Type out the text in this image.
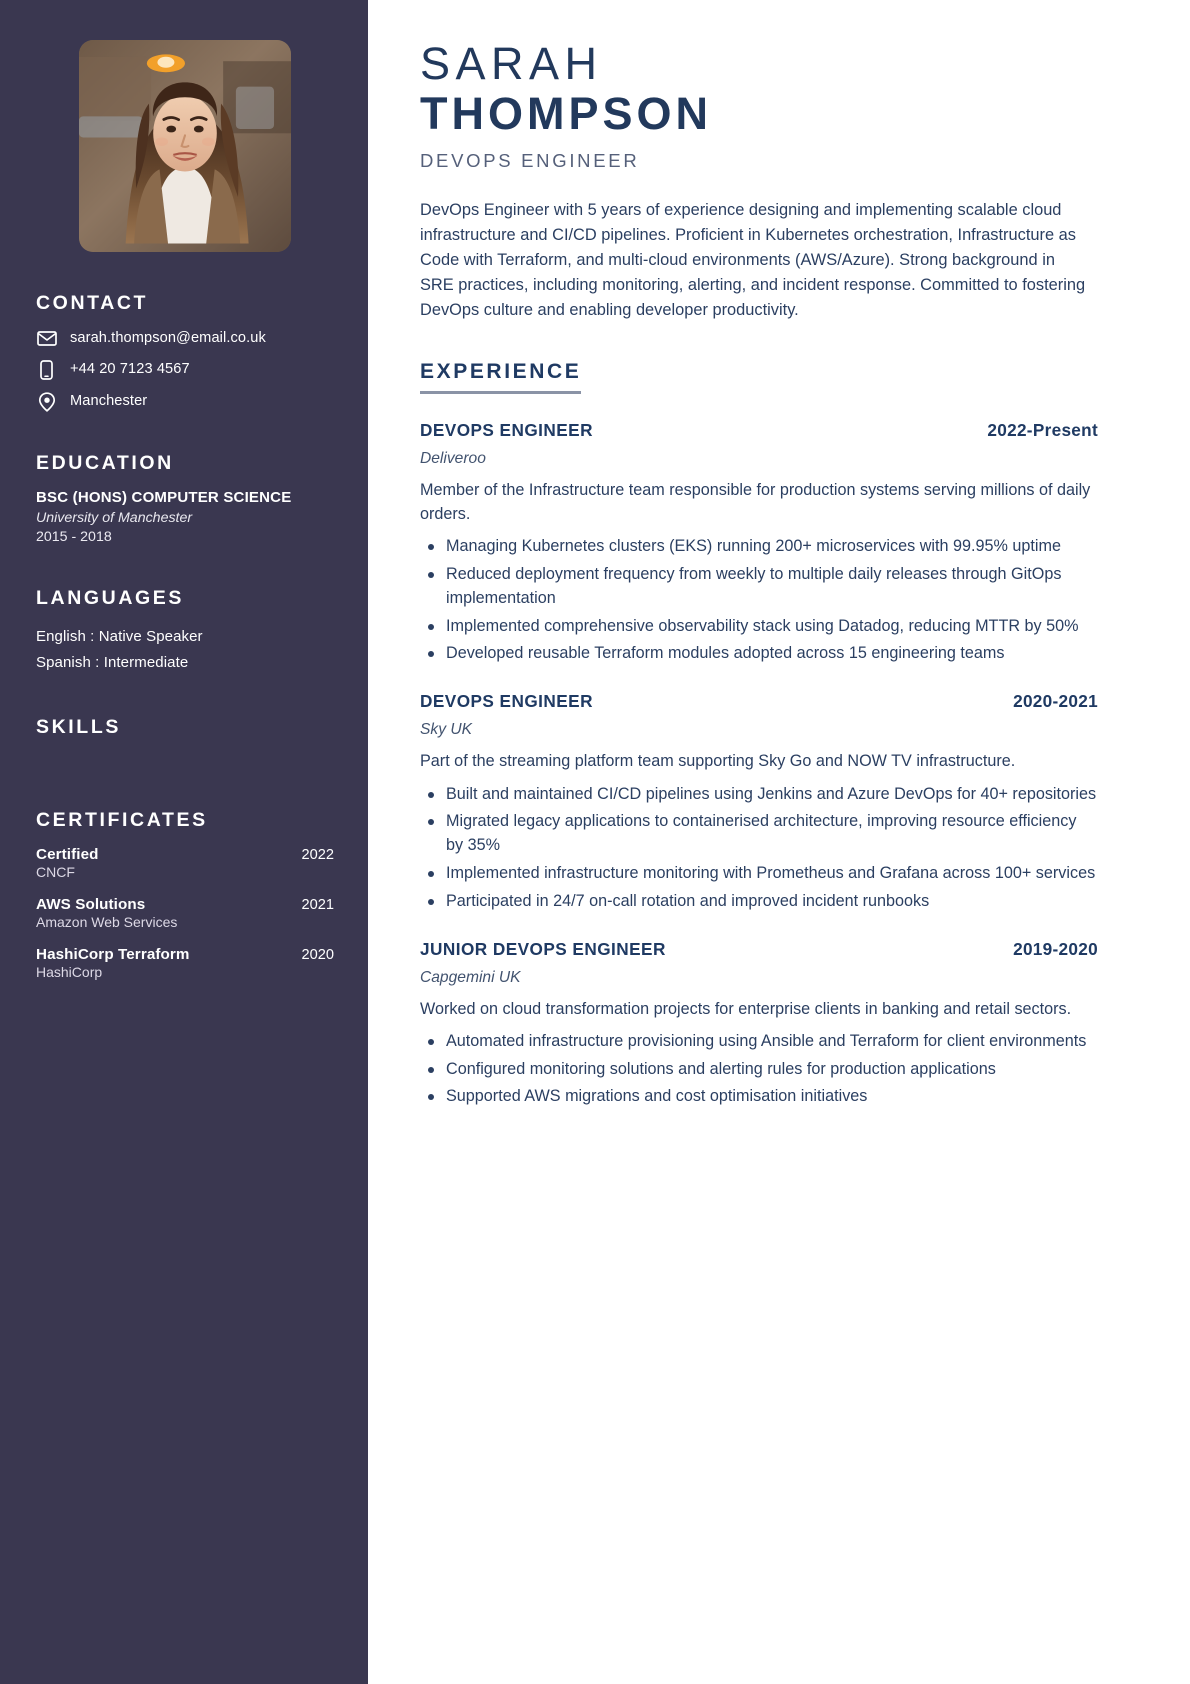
CONTACT
sarah.thompson@email.co.uk
+44 20 7123 4567
Manchester
EDUCATION
BSC (HONS) COMPUTER SCIENCE
University of Manchester
2015 - 2018
LANGUAGES
English : Native Speaker
Spanish : Intermediate
SKILLS
CERTIFICATES
Certified	2022
CNCF
AWS Solutions	2021
Amazon Web Services
HashiCorp Terraform	2020
HashiCorp
SARAH
THOMPSON
DEVOPS ENGINEER

DevOps Engineer with 5 years of experience designing and implementing scalable cloud infrastructure and CI/CD pipelines. Proficient in Kubernetes orchestration, Infrastructure as Code with Terraform, and multi-cloud environments (AWS/Azure). Strong background in SRE practices, including monitoring, alerting, and incident response. Committed to fostering DevOps culture and enabling developer productivity.

EXPERIENCE
DEVOPS ENGINEER	2022-Present
Deliveroo

Member of the Infrastructure team responsible for production systems serving millions of daily orders.

Managing Kubernetes clusters (EKS) running 200+ microservices with 99.95% uptime
Reduced deployment frequency from weekly to multiple daily releases through GitOps implementation
Implemented comprehensive observability stack using Datadog, reducing MTTR by 50%
Developed reusable Terraform modules adopted across 15 engineering teams
DEVOPS ENGINEER	2020-2021
Sky UK

Part of the streaming platform team supporting Sky Go and NOW TV infrastructure.

Built and maintained CI/CD pipelines using Jenkins and Azure DevOps for 40+ repositories
Migrated legacy applications to containerised architecture, improving resource efficiency by 35%
Implemented infrastructure monitoring with Prometheus and Grafana across 100+ services
Participated in 24/7 on-call rotation and improved incident runbooks
JUNIOR DEVOPS ENGINEER	2019-2020
Capgemini UK

Worked on cloud transformation projects for enterprise clients in banking and retail sectors.

Automated infrastructure provisioning using Ansible and Terraform for client environments
Configured monitoring solutions and alerting rules for production applications
Supported AWS migrations and cost optimisation initiatives
